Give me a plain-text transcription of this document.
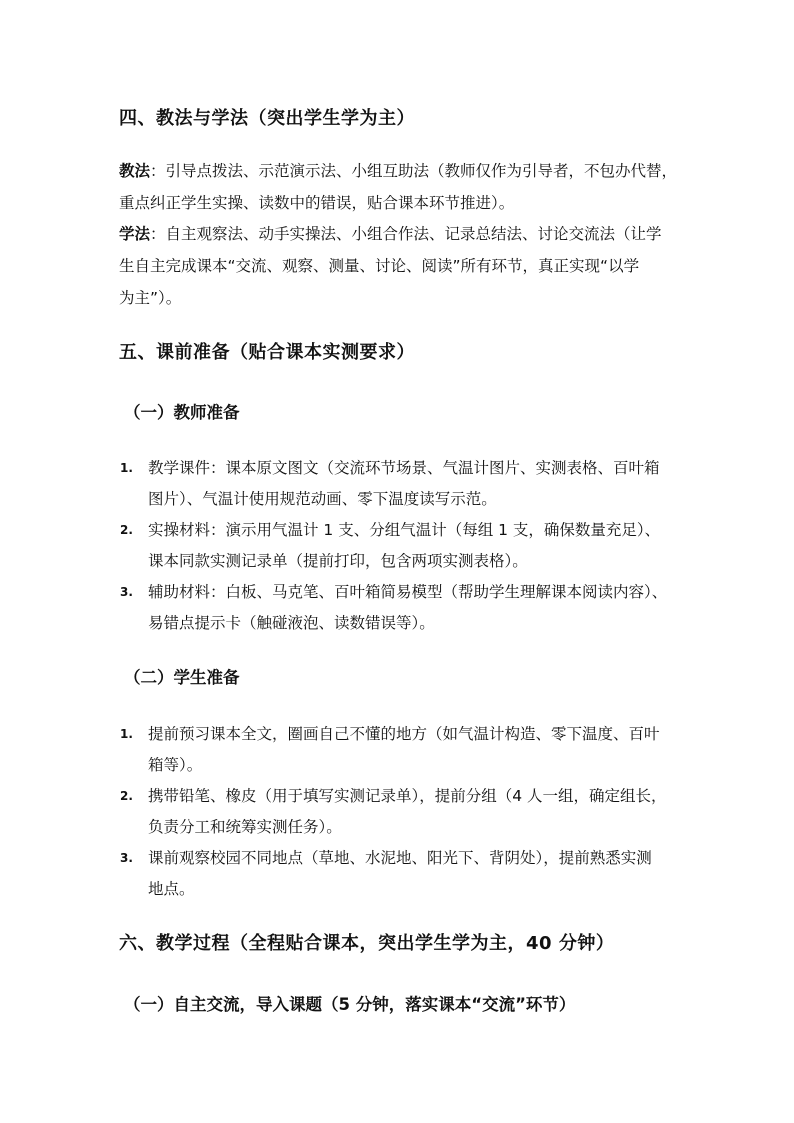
四、教法与学法（突出学生学为主）
教法：引导点拨法、示范演示法、小组互助法（教师仅作为引导者，不包办代替，
重点纠正学生实操、读数中的错误，贴合课本环节推进）。
学法：自主观察法、动手实操法、小组合作法、记录总结法、讨论交流法（让学
生自主完成课本“交流、观察、测量、讨论、阅读”所有环节，真正实现“以学
为主”）。
五、课前准备（贴合课本实测要求）
（一）教师准备
1. 教学课件：课本原文图文（交流环节场景、气温计图片、实测表格、百叶箱
图片）、气温计使用规范动画、零下温度读写示范。
2. 实操材料：演示用气温计 1 支、分组气温计（每组 1 支，确保数量充足）、
课本同款实测记录单（提前打印，包含两项实测表格）。
3. 辅助材料：白板、马克笔、百叶箱简易模型（帮助学生理解课本阅读内容）、
易错点提示卡（触碰液泡、读数错误等）。
（二）学生准备
1. 提前预习课本全文，圈画自己不懂的地方（如气温计构造、零下温度、百叶
箱等）。
2. 携带铅笔、橡皮（用于填写实测记录单），提前分组（4 人一组，确定组长，
负责分工和统筹实测任务）。
3. 课前观察校园不同地点（草地、水泥地、阳光下、背阴处），提前熟悉实测
地点。
六、教学过程（全程贴合课本，突出学生学为主，40 分钟）
（一）自主交流，导入课题（5 分钟，落实课本“交流”环节）
